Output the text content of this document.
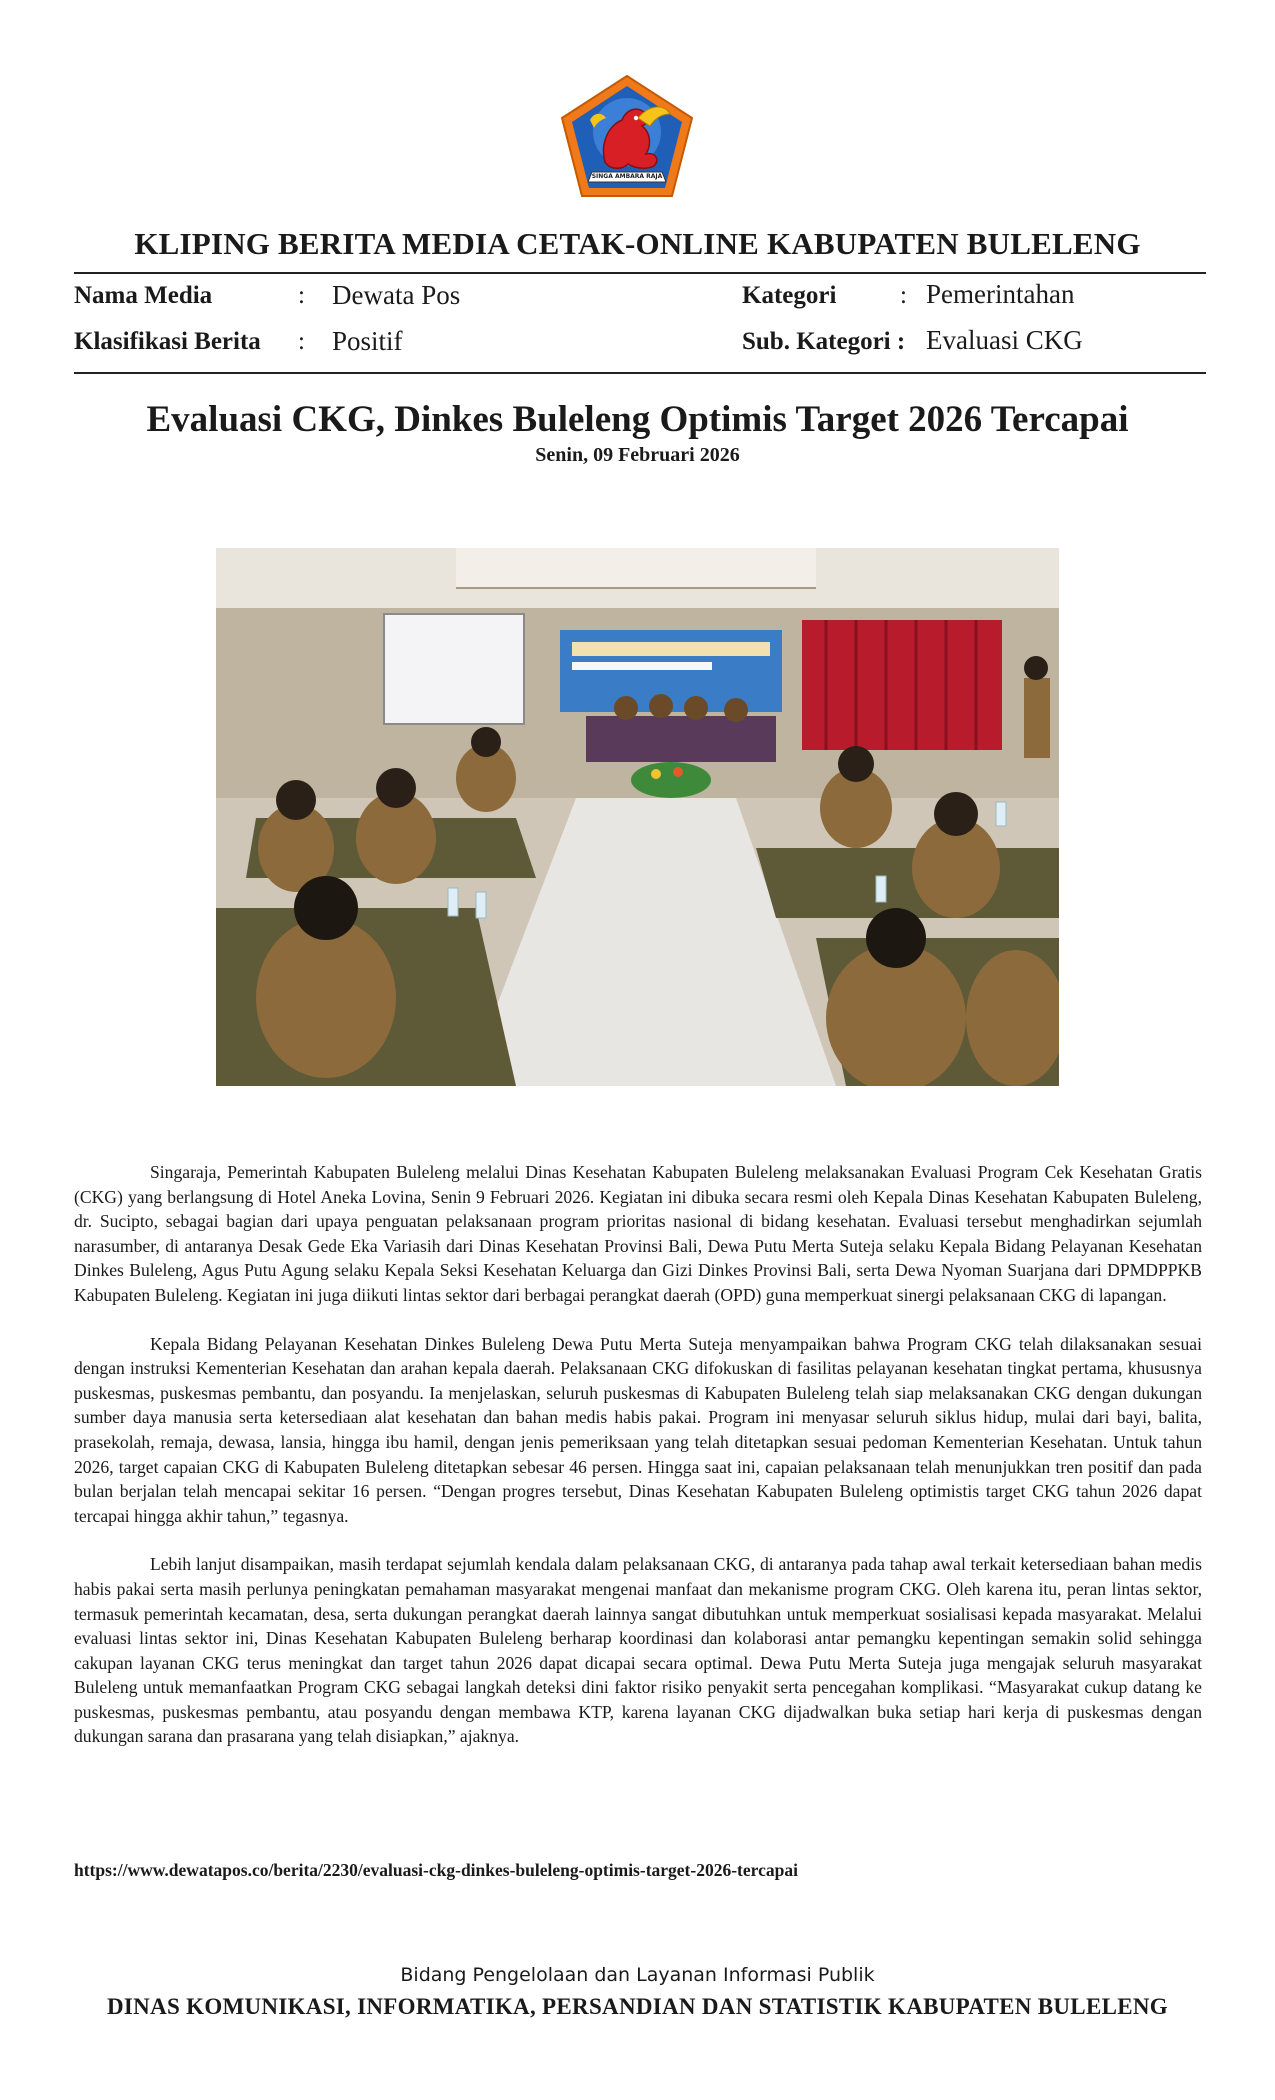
SINGA AMBARA RAJA
KLIPING BERITA MEDIA CETAK-ONLINE KABUPATEN BULELENG
Nama Media	: Dewata Pos	Kategori	: Pemerintahan
Klasifikasi Berita : Positif	Sub. Kategori : Evaluasi CKG
Evaluasi CKG, Dinkes Buleleng Optimis Target 2026 Tercapai
Senin, 09 Februari 2026

Singaraja, Pemerintah Kabupaten Buleleng melalui Dinas Kesehatan Kabupaten Buleleng melaksanakan Evaluasi Program Cek Kesehatan Gratis (CKG) yang berlangsung di Hotel Aneka Lovina, Senin 9 Februari 2026. Kegiatan ini dibuka secara resmi oleh Kepala Dinas Kesehatan Kabupaten Buleleng, dr. Sucipto, sebagai bagian dari upaya penguatan pelaksanaan program prioritas nasional di bidang kesehatan. Evaluasi tersebut menghadirkan sejumlah narasumber, di antaranya Desak Gede Eka Variasih dari Dinas Kesehatan Provinsi Bali, Dewa Putu Merta Suteja selaku Kepala Bidang Pelayanan Kesehatan Dinkes Buleleng, Agus Putu Agung selaku Kepala Seksi Kesehatan Keluarga dan Gizi Dinkes Provinsi Bali, serta Dewa Nyoman Suarjana dari DPMDPPKB Kabupaten Buleleng. Kegiatan ini juga diikuti lintas sektor dari berbagai perangkat daerah (OPD) guna memperkuat sinergi pelaksanaan CKG di lapangan.

Kepala Bidang Pelayanan Kesehatan Dinkes Buleleng Dewa Putu Merta Suteja menyampaikan bahwa Program CKG telah dilaksanakan sesuai dengan instruksi Kementerian Kesehatan dan arahan kepala daerah. Pelaksanaan CKG difokuskan di fasilitas pelayanan kesehatan tingkat pertama, khususnya puskesmas, puskesmas pembantu, dan posyandu. Ia menjelaskan, seluruh puskesmas di Kabupaten Buleleng telah siap melaksanakan CKG dengan dukungan sumber daya manusia serta ketersediaan alat kesehatan dan bahan medis habis pakai. Program ini menyasar seluruh siklus hidup, mulai dari bayi, balita, prasekolah, remaja, dewasa, lansia, hingga ibu hamil, dengan jenis pemeriksaan yang telah ditetapkan sesuai pedoman Kementerian Kesehatan. Untuk tahun 2026, target capaian CKG di Kabupaten Buleleng ditetapkan sebesar 46 persen. Hingga saat ini, capaian pelaksanaan telah menunjukkan tren positif dan pada bulan berjalan telah mencapai sekitar 16 persen. “Dengan progres tersebut, Dinas Kesehatan Kabupaten Buleleng optimistis target CKG tahun 2026 dapat tercapai hingga akhir tahun,” tegasnya.

Lebih lanjut disampaikan, masih terdapat sejumlah kendala dalam pelaksanaan CKG, di antaranya pada tahap awal terkait ketersediaan bahan medis habis pakai serta masih perlunya peningkatan pemahaman masyarakat mengenai manfaat dan mekanisme program CKG. Oleh karena itu, peran lintas sektor, termasuk pemerintah kecamatan, desa, serta dukungan perangkat daerah lainnya sangat dibutuhkan untuk memperkuat sosialisasi kepada masyarakat. Melalui evaluasi lintas sektor ini, Dinas Kesehatan Kabupaten Buleleng berharap koordinasi dan kolaborasi antar pemangku kepentingan semakin solid sehingga cakupan layanan CKG terus meningkat dan target tahun 2026 dapat dicapai secara optimal. Dewa Putu Merta Suteja juga mengajak seluruh masyarakat Buleleng untuk memanfaatkan Program CKG sebagai langkah deteksi dini faktor risiko penyakit serta pencegahan komplikasi. “Masyarakat cukup datang ke puskesmas, puskesmas pembantu, atau posyandu dengan membawa KTP, karena layanan CKG dijadwalkan buka setiap hari kerja di puskesmas dengan dukungan sarana dan prasarana yang telah disiapkan,” ajaknya.

https://www.dewatapos.co/berita/2230/evaluasi-ckg-dinkes-buleleng-optimis-target-2026-tercapai
Bidang Pengelolaan dan Layanan Informasi Publik
DINAS KOMUNIKASI, INFORMATIKA, PERSANDIAN DAN STATISTIK KABUPATEN BULELENG
